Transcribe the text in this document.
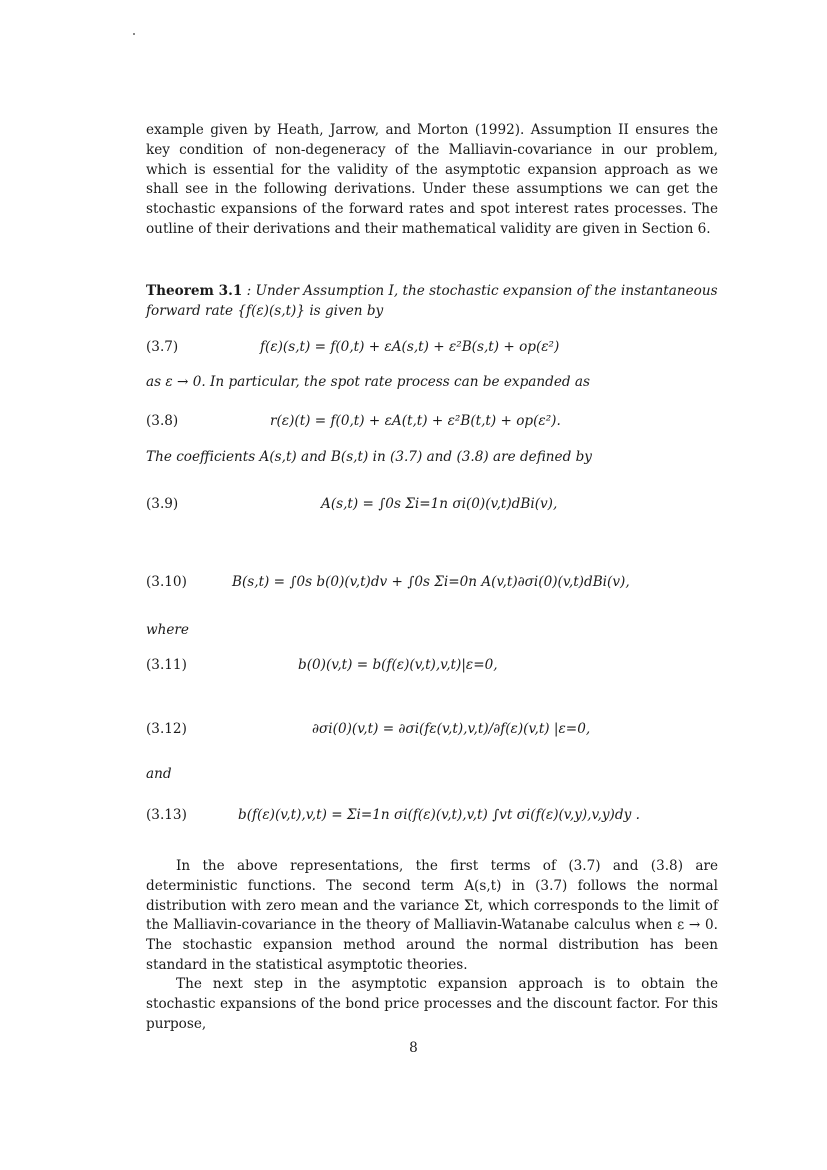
example given by Heath, Jarrow, and Morton (1992). Assumption II ensures the key condition of non-degeneracy of the Malliavin-covariance in our problem, which is essential for the validity of the asymptotic expansion approach as we shall see in the following derivations. Under these assumptions we can get the stochastic expansions of the forward rates and spot interest rates processes. The outline of their derivations and their mathematical validity are given in Section 6.

Theorem 3.1 : Under Assumption I, the stochastic expansion of the instantaneous forward rate {f(ε)(s,t)} is given by

(3.7)	f(ε)(s,t) = f(0,t) + εA(s,t) + ε²B(s,t) + op(ε²)

as ε → 0. In particular, the spot rate process can be expanded as

(3.8)	r(ε)(t) = f(0,t) + εA(t,t) + ε²B(t,t) + op(ε²).

The coefficients A(s,t) and B(s,t) in (3.7) and (3.8) are defined by

(3.9)	A(s,t) = ∫0s Σi=1n σi(0)(v,t)dBi(v),
(3.10)	B(s,t) = ∫0s b(0)(v,t)dv + ∫0s Σi=0n A(v,t)∂σi(0)(v,t)dBi(v),

where

(3.11)	b(0)(v,t) = b(f(ε)(v,t),v,t)|ε=0,
(3.12)	∂σi(0)(v,t) = ∂σi(fε(v,t),v,t)/∂f(ε)(v,t) |ε=0,

and

(3.13)	b(f(ε)(v,t),v,t) = Σi=1n σi(f(ε)(v,t),v,t) ∫vt σi(f(ε)(v,y),v,y)dy .

In the above representations, the first terms of (3.7) and (3.8) are deterministic functions. The second term A(s,t) in (3.7) follows the normal distribution with zero mean and the variance Σt, which corresponds to the limit of the Malliavin-covariance in the theory of Malliavin-Watanabe calculus when ε → 0. The stochastic expansion method around the normal distribution has been standard in the statistical asymptotic theories.

The next step in the asymptotic expansion approach is to obtain the stochastic expansions of the bond price processes and the discount factor. For this purpose,

8
